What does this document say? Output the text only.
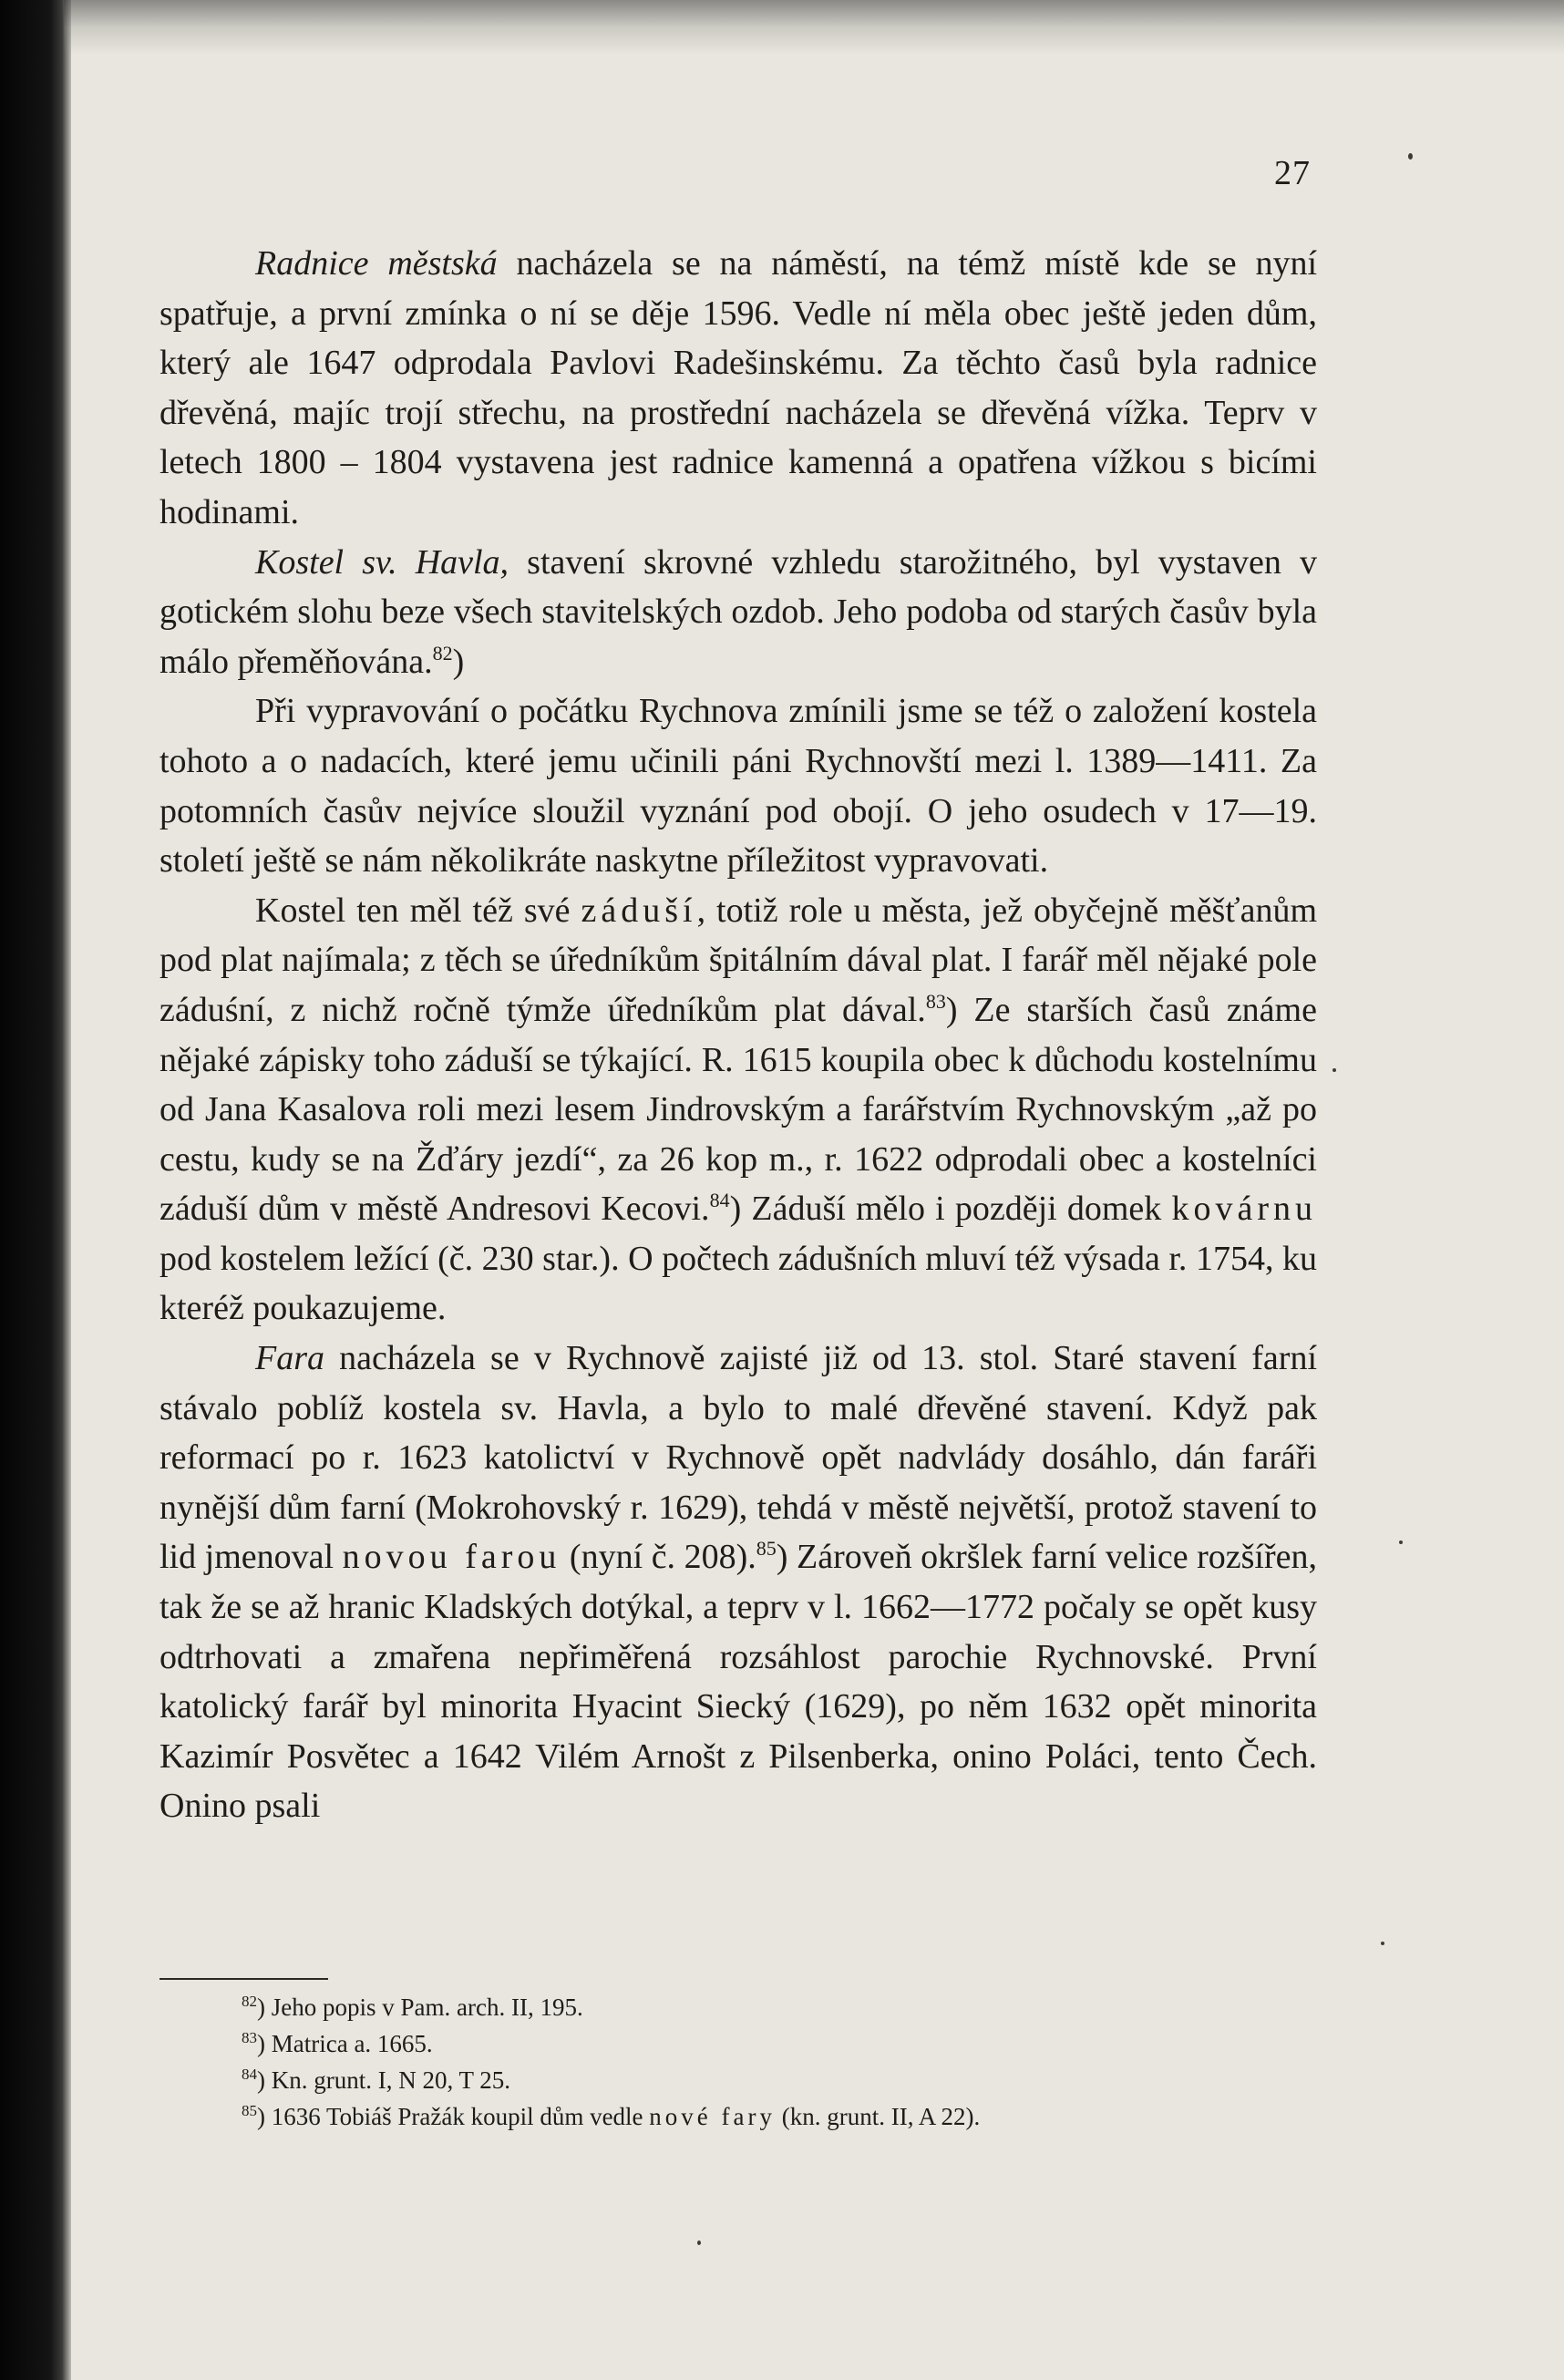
27

Radnice městská nacházela se na náměstí, na témž místě kde se nyní spatřuje, a první zmínka o ní se děje 1596. Vedle ní měla obec ještě jeden dům, který ale 1647 odprodala Pavlovi Radešinskému. Za těchto časů byla radnice dřevěná, majíc trojí střechu, na prostřední nacházela se dřevěná vížka. Teprv v letech 1800 – 1804 vystavena jest radnice kamenná a opatřena vížkou s bicími hodinami.

Kostel sv. Havla, stavení skrovné vzhledu starožitného, byl vystaven v gotickém slohu beze všech stavitelských ozdob. Jeho podoba od starých časův byla málo přeměňována.$^{82}$)

Při vypravování o počátku Rychnova zmínili jsme se též o založení kostela tohoto a o nadacích, které jemu učinili páni Rychnovští mezi l. 1389—1411. Za potomních časův nejvíce sloužil vyznání pod obojí. O jeho osudech v 17—19. století ještě se nám několikráte naskytne příležitost vypravovati.

Kostel ten měl též své záduší, totiž role u města, jež obyčejně měšťanům pod plat najímala; z těch se úředníkům špitálním dával plat. I farář měl nějaké pole záduśní, z nichž ročně týmže úředníkům plat dával.$^{83}$) Ze starších časů známe nějaké zápisky toho záduší se týkající. R. 1615 koupila obec k důchodu kostelnímu od Jana Kasalova roli mezi lesem Jindrovským a farářstvím Rychnovským „až po cestu, kudy se na Žďáry jezdí“, za 26 kop m., r. 1622 odprodali obec a kostelníci záduší dům v městě Andresovi Kecovi.$^{84}$) Záduší mělo i později domek kovárnu pod kostelem ležící (č. 230 star.). O počtech zádušních mluví též výsada r. 1754, ku kteréž poukazujeme.

Fara nacházela se v Rychnově zajisté již od 13. stol. Staré stavení farní stávalo poblíž kostela sv. Havla, a bylo to malé dřevěné stavení. Když pak reformací po r. 1623 katolictví v Rychnově opět nadvlády dosáhlo, dán faráři nynější dům farní (Mokrohovský r. 1629), tehdá v městě největší, protož stavení to lid jmenoval novou farou (nyní č. 208).$^{85}$) Zároveň okršlek farní velice rozšířen, tak že se až hranic Kladských dotýkal, a teprv v l. 1662—1772 počaly se opět kusy odtrhovati a zmařena nepřiměřená rozsáhlost parochie Rychnovské. První katolický farář byl minorita Hyacint Siecký (1629), po něm 1632 opět minorita Kazimír Posvětec a 1642 Vilém Arnošt z Pilsenberka, onino Poláci, tento Čech. Onino psali

$^{82}$) Jeho popis v Pam. arch. II, 195.

$^{83}$) Matrica a. 1665.

$^{84}$) Kn. grunt. I, N 20, T 25.

$^{85}$) 1636 Tobiáš Pražák koupil dům vedle nové fary (kn. grunt. II, A 22).
